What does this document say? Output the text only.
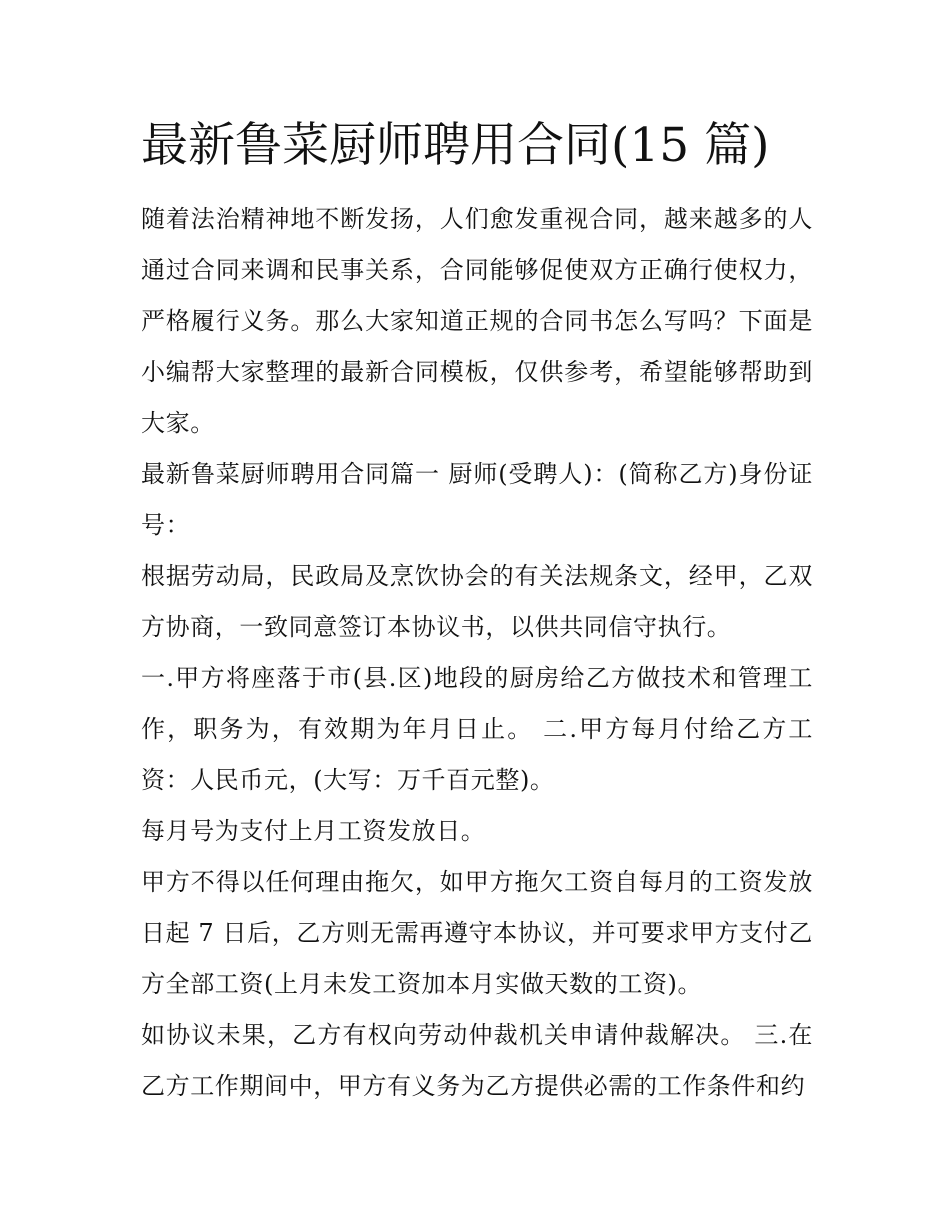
最新鲁菜厨师聘用合同(15 篇)

随着法治精神地不断发扬，人们愈发重视合同，越来越多的人通过合同来调和民事关系，合同能够促使双方正确行使权力，严格履行义务。那么大家知道正规的合同书怎么写吗？下面是小编帮大家整理的最新合同模板，仅供参考，希望能够帮助到大家。

最新鲁菜厨师聘用合同篇一 厨师(受聘人)：(简称乙方)身份证号：

根据劳动局，民政局及烹饮协会的有关法规条文，经甲，乙双方协商，一致同意签订本协议书，以供共同信守执行。

一.甲方将座落于市(县.区)地段的厨房给乙方做技术和管理工作，职务为，有效期为年月日止。 二.甲方每月付给乙方工资：人民币元，(大写：万千百元整)。

每月号为支付上月工资发放日。

甲方不得以任何理由拖欠，如甲方拖欠工资自每月的工资发放日起 7 日后，乙方则无需再遵守本协议，并可要求甲方支付乙方全部工资(上月未发工资加本月实做天数的工资)。

如协议未果，乙方有权向劳动仲裁机关申请仲裁解决。 三.在乙方工作期间中，甲方有义务为乙方提供必需的工作条件和约
